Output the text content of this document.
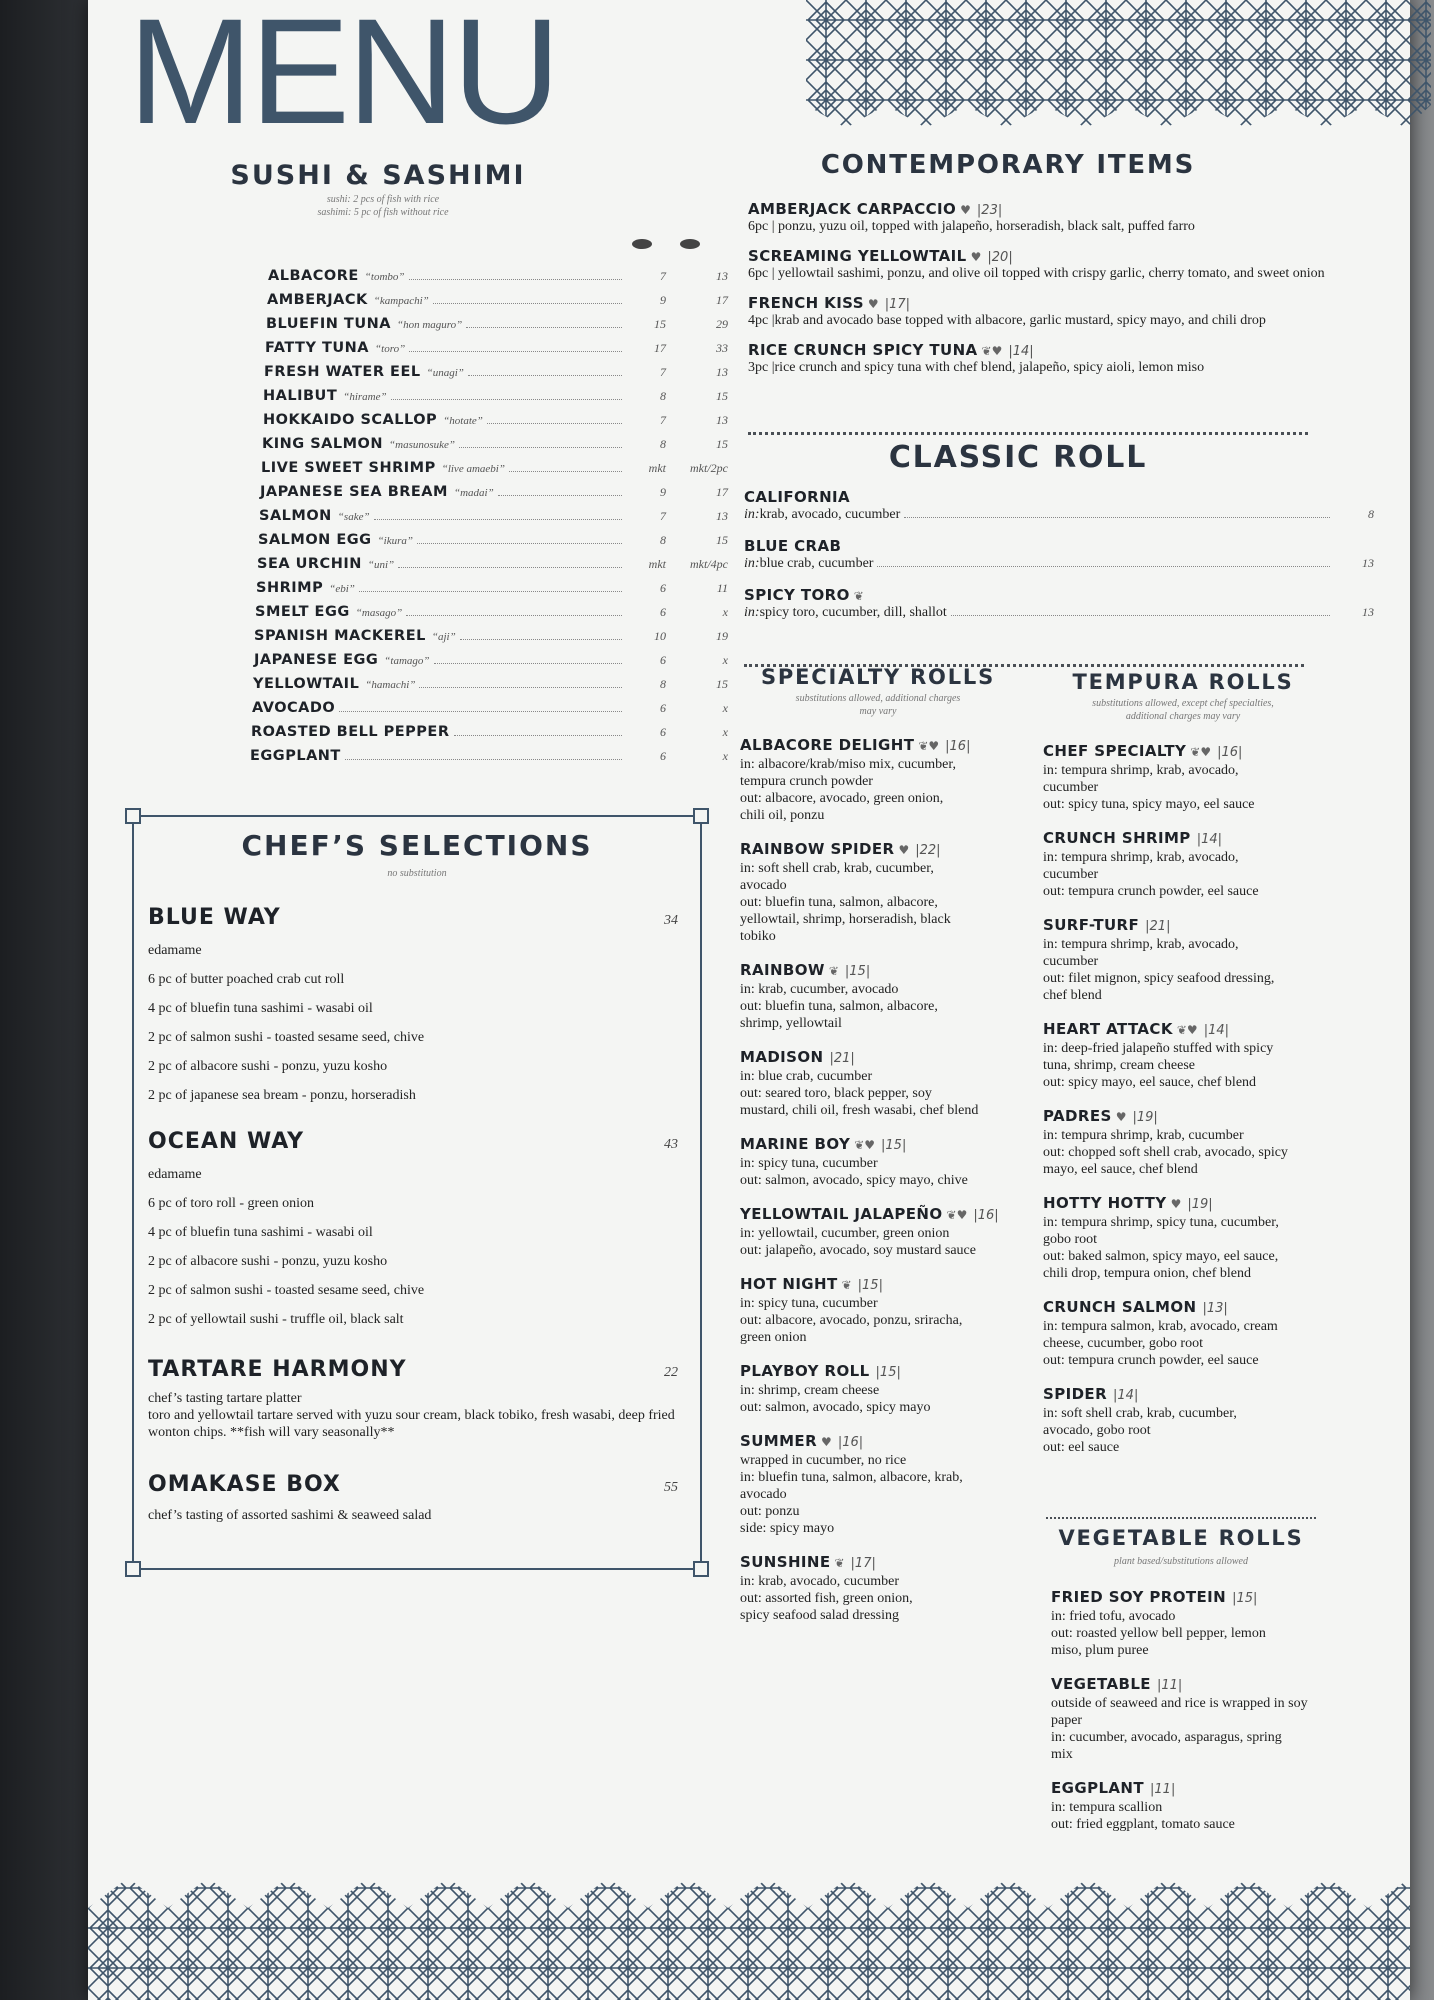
MENU
SUSHI & SASHIMI
sushi: 2 pcs of fish with rice
sashimi: 5 pc of fish without rice
ALBACORE “tombo”	7	13
AMBERJACK “kampachi”	9	17
BLUEFIN TUNA “hon maguro”	15	29
FATTY TUNA “toro”	17	33
FRESH WATER EEL “unagi”	7	13
HALIBUT “hirame”	8	15
HOKKAIDO SCALLOP “hotate”	7	13
KING SALMON “masunosuke”	8	15
LIVE SWEET SHRIMP “live amaebi”	mkt	mkt/2pc
JAPANESE SEA BREAM “madai”	9	17
SALMON “sake”	7	13
SALMON EGG “ikura”	8	15
SEA URCHIN “uni”	mkt	mkt/4pc
SHRIMP “ebi”	6	11
SMELT EGG “masago”	6	x
SPANISH MACKEREL “aji”	10	19
JAPANESE EGG “tamago”	6	x
YELLOWTAIL “hamachi”	8	15
AVOCADO	6	x
ROASTED BELL PEPPER	6	x
EGGPLANT	6	x
CHEF’S SELECTIONS
no substitution
BLUE WAY	34
edamame
6 pc of butter poached crab cut roll
4 pc of bluefin tuna sashimi - wasabi oil
2 pc of salmon sushi - toasted sesame seed, chive
2 pc of albacore sushi - ponzu, yuzu kosho
2 pc of japanese sea bream - ponzu, horseradish
OCEAN WAY	43
edamame
6 pc of toro roll - green onion
4 pc of bluefin tuna sashimi - wasabi oil
2 pc of albacore sushi - ponzu, yuzu kosho
2 pc of salmon sushi - toasted sesame seed, chive
2 pc of yellowtail sushi - truffle oil, black salt
TARTARE HARMONY	22
chef’s tasting tartare platter
toro and yellowtail tartare served with yuzu sour cream, black tobiko, fresh wasabi, deep fried wonton chips. **fish will vary seasonally**
OMAKASE BOX	55
chef’s tasting of assorted sashimi & seaweed salad
CONTEMPORARY ITEMS
AMBERJACK CARPACCIO ♥ |23|
6pc | ponzu, yuzu oil, topped with jalapeño, horseradish, black salt, puffed farro
SCREAMING YELLOWTAIL ♥ |20|
6pc | yellowtail sashimi, ponzu, and olive oil topped with crispy garlic, cherry tomato, and sweet onion
FRENCH KISS ♥ |17|
4pc |krab and avocado base topped with albacore, garlic mustard, spicy mayo, and chili drop
RICE CRUNCH SPICY TUNA ❦♥ |14|
3pc |rice crunch and spicy tuna with chef blend, jalapeño, spicy aioli, lemon miso
CLASSIC ROLL
CALIFORNIA
in: krab, avocado, cucumber	8
BLUE CRAB
in: blue crab, cucumber	13
SPICY TORO ❦
in: spicy toro, cucumber, dill, shallot	13
SPECIALTY ROLLS
substitutions allowed, additional charges
may vary
ALBACORE DELIGHT ❦♥ |16|
in: albacore/krab/miso mix, cucumber,
tempura crunch powder
out: albacore, avocado, green onion,
chili oil, ponzu
RAINBOW SPIDER ♥ |22|
in: soft shell crab, krab, cucumber,
avocado
out: bluefin tuna, salmon, albacore,
yellowtail, shrimp, horseradish, black
tobiko
RAINBOW ❦ |15|
in: krab, cucumber, avocado
out: bluefin tuna, salmon, albacore,
shrimp, yellowtail
MADISON |21|
in: blue crab, cucumber
out: seared toro, black pepper, soy
mustard, chili oil, fresh wasabi, chef blend
MARINE BOY ❦♥ |15|
in: spicy tuna, cucumber
out: salmon, avocado, spicy mayo, chive
YELLOWTAIL JALAPEÑO ❦♥ |16|
in: yellowtail, cucumber, green onion
out: jalapeño, avocado, soy mustard sauce
HOT NIGHT ❦ |15|
in: spicy tuna, cucumber
out: albacore, avocado, ponzu, sriracha,
green onion
PLAYBOY ROLL |15|
in: shrimp, cream cheese
out: salmon, avocado, spicy mayo
SUMMER ♥ |16|
wrapped in cucumber, no rice
in: bluefin tuna, salmon, albacore, krab,
avocado
out: ponzu
side: spicy mayo
SUNSHINE ❦ |17|
in: krab, avocado, cucumber
out: assorted fish, green onion,
spicy seafood salad dressing
TEMPURA ROLLS
substitutions allowed, except chef specialties,
additional charges may vary
CHEF SPECIALTY ❦♥ |16|
in: tempura shrimp, krab, avocado,
cucumber
out: spicy tuna, spicy mayo, eel sauce
CRUNCH SHRIMP |14|
in: tempura shrimp, krab, avocado,
cucumber
out: tempura crunch powder, eel sauce
SURF-TURF |21|
in: tempura shrimp, krab, avocado,
cucumber
out: filet mignon, spicy seafood dressing,
chef blend
HEART ATTACK ❦♥ |14|
in: deep-fried jalapeño stuffed with spicy
tuna, shrimp, cream cheese
out: spicy mayo, eel sauce, chef blend
PADRES ♥ |19|
in: tempura shrimp, krab, cucumber
out: chopped soft shell crab, avocado, spicy
mayo, eel sauce, chef blend
HOTTY HOTTY ♥ |19|
in: tempura shrimp, spicy tuna, cucumber,
gobo root
out: baked salmon, spicy mayo, eel sauce,
chili drop, tempura onion, chef blend
CRUNCH SALMON |13|
in: tempura salmon, krab, avocado, cream
cheese, cucumber, gobo root
out: tempura crunch powder, eel sauce
SPIDER |14|
in: soft shell crab, krab, cucumber,
avocado, gobo root
out: eel sauce
VEGETABLE ROLLS
plant based/substitutions allowed
FRIED SOY PROTEIN |15|
in: fried tofu, avocado
out: roasted yellow bell pepper, lemon
miso, plum puree
VEGETABLE |11|
outside of seaweed and rice is wrapped in soy
paper
in: cucumber, avocado, asparagus, spring
mix
EGGPLANT |11|
in: tempura scallion
out: fried eggplant, tomato sauce
